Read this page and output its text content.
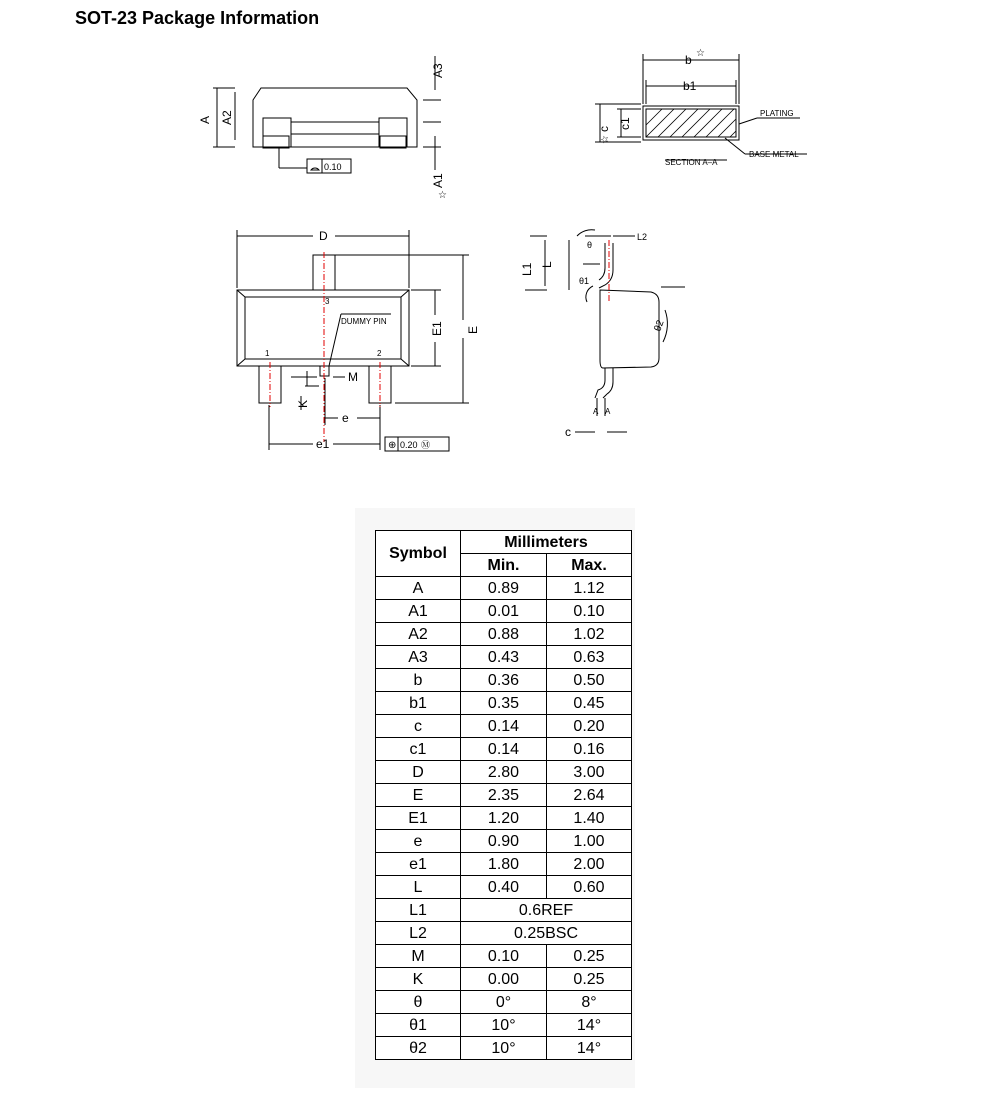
SOT-23 Package Information
A A2
A3
A1
☆
0.10
b ☆
b1
c
☆
c1
PLATING
BASE METAL
SECTION A–A
D
E
E1
e
e1
M
K
DUMMY PIN
1	2
3
⊕ 0.20 Ⓜ
L
L1
L2
θ
θ1
θ2
c
A A
Symbol	Millimeters	
	Min.	Max.
A	0.89	1.12
A1	0.01	0.10
A2	0.88	1.02
A3	0.43	0.63
b	0.36	0.50
b1	0.35	0.45
c	0.14	0.20
c1	0.14	0.16
D	2.80	3.00
E	2.35	2.64
E1	1.20	1.40
e	0.90	1.00
e1	1.80	2.00
L	0.40	0.60
L1	0.6REF	
L2	0.25BSC	
M	0.10	0.25
K	0.00	0.25
θ	0°	8°
θ1	10°	14°
θ2	10°	14°
